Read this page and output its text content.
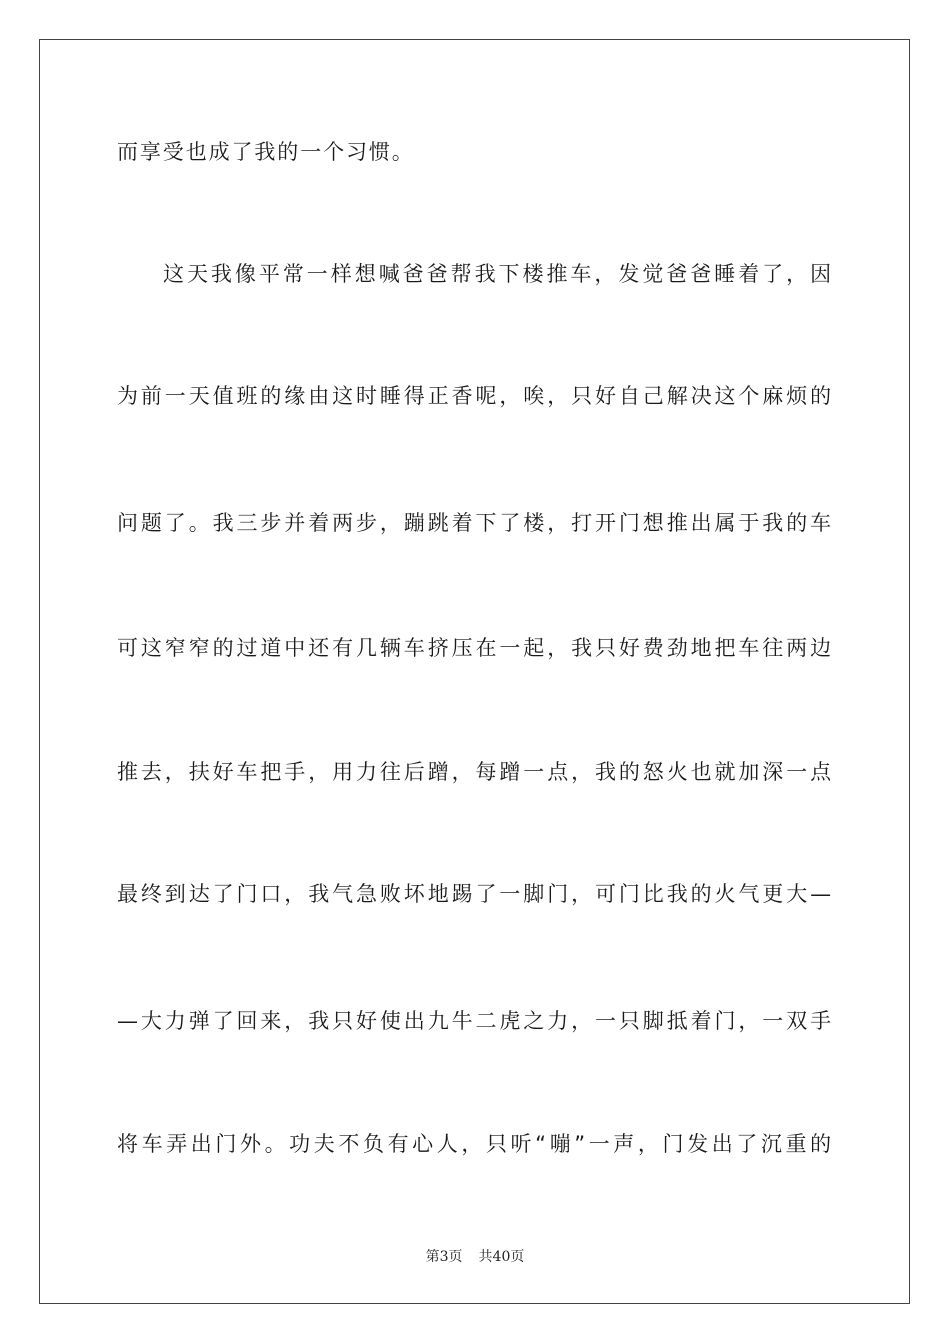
而享受也成了我的一个习惯。
这天我像平常一样想喊爸爸帮我下楼推车，发觉爸爸睡着了，因
为前一天值班的缘由这时睡得正香呢，唉，只好自己解决这个麻烦的
问题了。我三步并着两步，蹦跳着下了楼，打开门想推出属于我的车
可这窄窄的过道中还有几辆车挤压在一起，我只好费劲地把车往两边
推去，扶好车把手，用力往后蹭，每蹭一点，我的怒火也就加深一点
最终到达了门口，我气急败坏地踢了一脚门，可门比我的火气更大—
—大力弹了回来，我只好使出九牛二虎之力，一只脚抵着门，一双手
将车弄出门外。功夫不负有心人，只听“嘣”一声，门发出了沉重的
第3页 共40页
